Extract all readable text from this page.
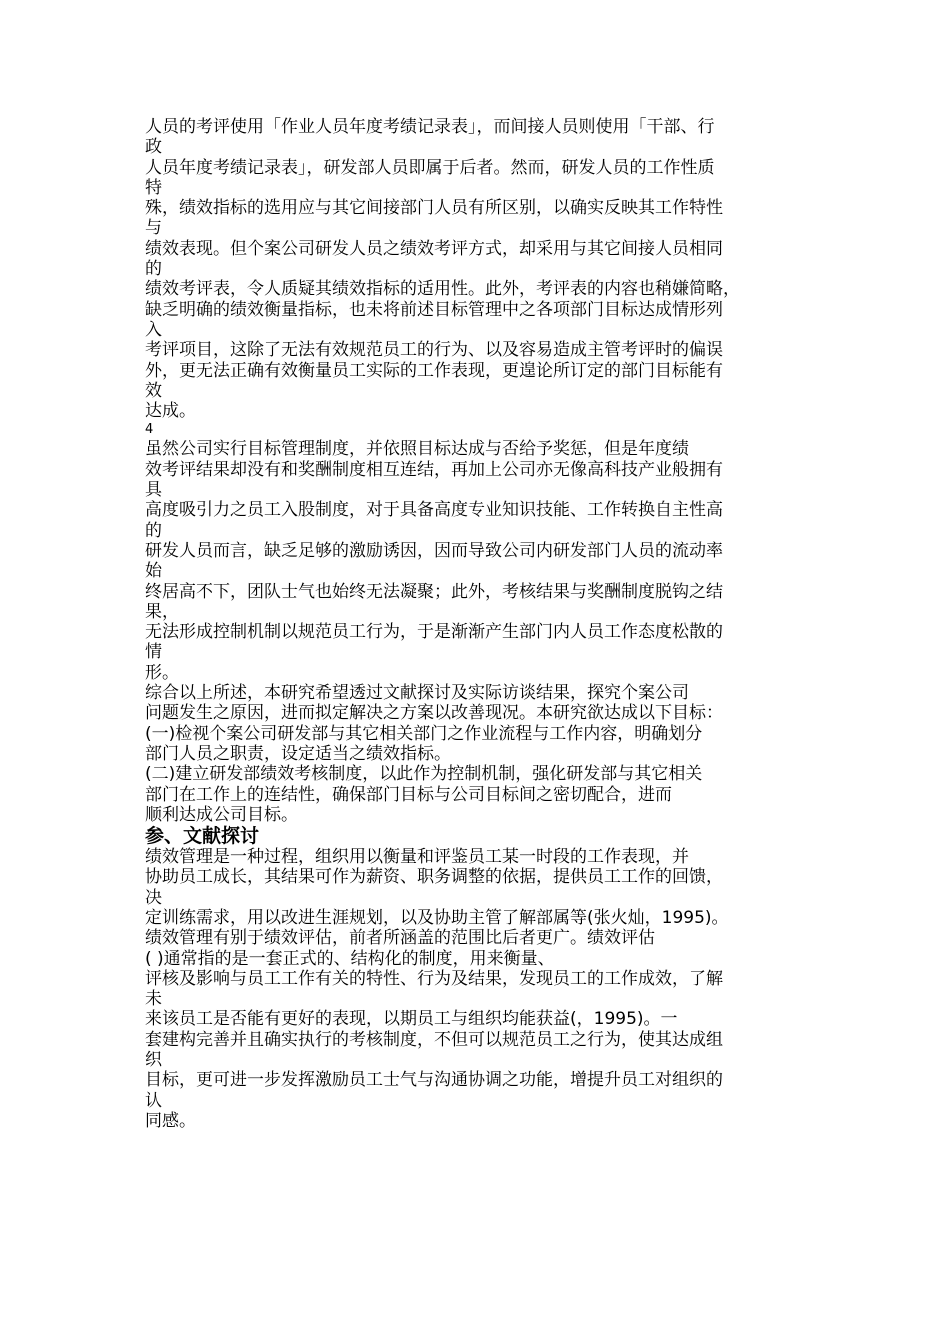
人员的考评使用「作业人员年度考绩记录表」，而间接人员则使用「干部、行
政
人员年度考绩记录表」，研发部人员即属于后者。然而，研发人员的工作性质
特
殊，绩效指标的选用应与其它间接部门人员有所区别，以确实反映其工作特性
与
绩效表现。但个案公司研发人员之绩效考评方式，却采用与其它间接人员相同
的
绩效考评表，令人质疑其绩效指标的适用性。此外，考评表的内容也稍嫌简略，
缺乏明确的绩效衡量指标，也未将前述目标管理中之各项部门目标达成情形列
入
考评项目，这除了无法有效规范员工的行为、以及容易造成主管考评时的偏误
外，更无法正确有效衡量员工实际的工作表现，更遑论所订定的部门目标能有
效
达成。
4
虽然公司实行目标管理制度，并依照目标达成与否给予奖惩，但是年度绩
效考评结果却没有和奖酬制度相互连结，再加上公司亦无像高科技产业般拥有
具
高度吸引力之员工入股制度，对于具备高度专业知识技能、工作转换自主性高
的
研发人员而言，缺乏足够的激励诱因，因而导致公司内研发部门人员的流动率
始
终居高不下，团队士气也始终无法凝聚；此外，考核结果与奖酬制度脱钩之结
果，
无法形成控制机制以规范员工行为，于是渐渐产生部门内人员工作态度松散的
情
形。
综合以上所述，本研究希望透过文献探讨及实际访谈结果，探究个案公司
问题发生之原因，进而拟定解决之方案以改善现况。本研究欲达成以下目标：
(一)检视个案公司研发部与其它相关部门之作业流程与工作内容，明确划分
部门人员之职责，设定适当之绩效指标。
(二)建立研发部绩效考核制度，以此作为控制机制，强化研发部与其它相关
部门在工作上的连结性，确保部门目标与公司目标间之密切配合，进而
顺利达成公司目标。
参、文献探讨
绩效管理是一种过程，组织用以衡量和评鉴员工某一时段的工作表现，并
协助员工成长，其结果可作为薪资、职务调整的依据，提供员工工作的回馈，
决
定训练需求，用以改进生涯规划，以及协助主管了解部属等(张火灿，1995)。
绩效管理有别于绩效评估，前者所涵盖的范围比后者更广。绩效评估
( )通常指的是一套正式的、结构化的制度，用来衡量、
评核及影响与员工工作有关的特性、行为及结果，发现员工的工作成效，了解
未
来该员工是否能有更好的表现，以期员工与组织均能获益(，1995)。一
套建构完善并且确实执行的考核制度，不但可以规范员工之行为，使其达成组
织
目标，更可进一步发挥激励员工士气与沟通协调之功能，增提升员工对组织的
认
同感。
